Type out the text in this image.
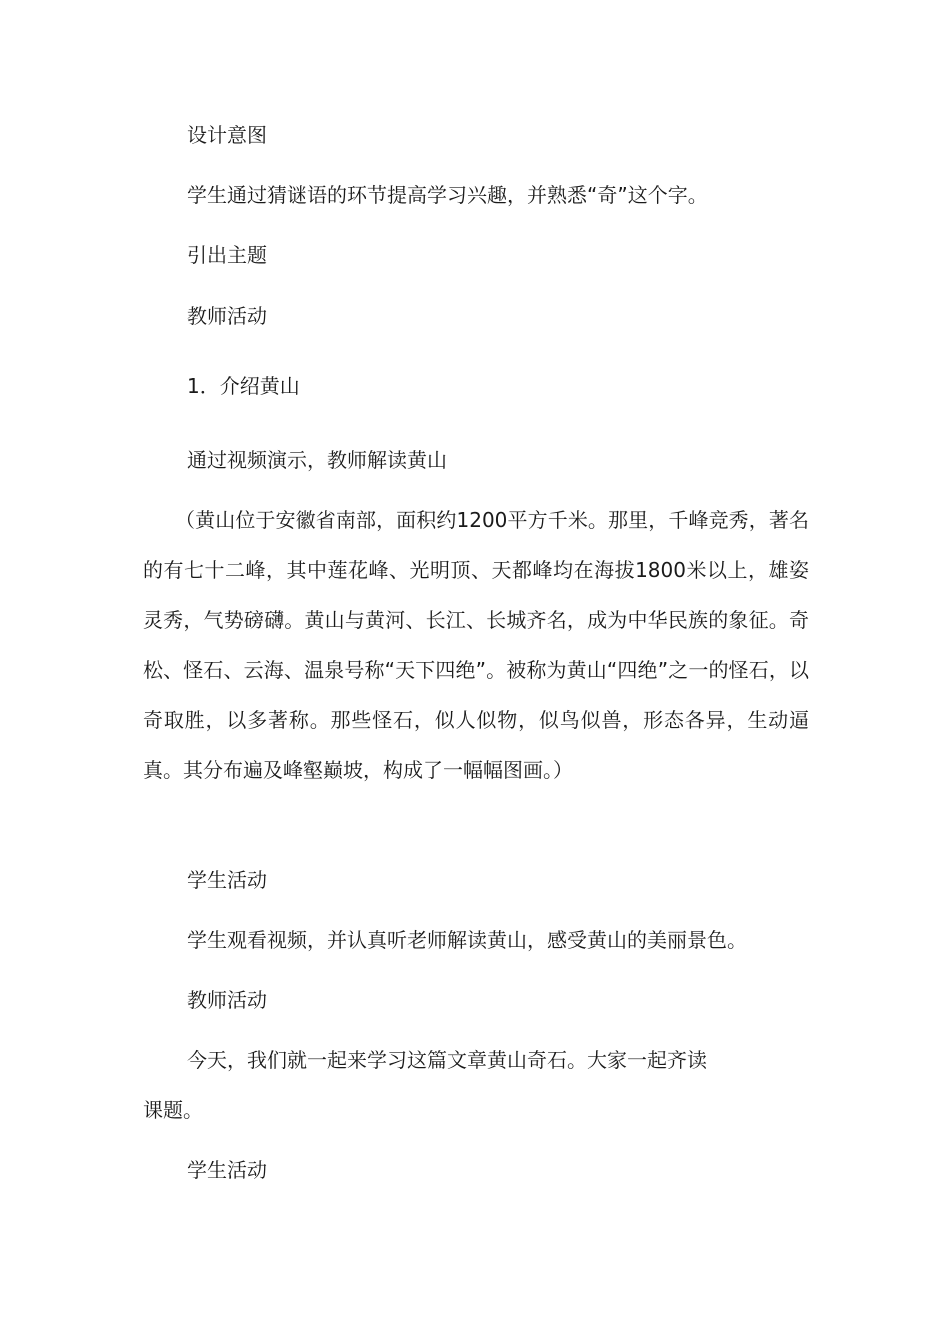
设计意图
学生通过猜谜语的环节提高学习兴趣，并熟悉“奇”这个字。
引出主题
教师活动
1．介绍黄山
通过视频演示，教师解读黄山
（黄山位于安徽省南部，面积约1200平方千米。那里，千峰竞秀，著名的有七十二峰，其中莲花峰、光明顶、天都峰均在海拔1800米以上，雄姿灵秀，气势磅礴。黄山与黄河、长江、长城齐名，成为中华民族的象征。奇松、怪石、云海、温泉号称“天下四绝”。被称为黄山“四绝”之一的怪石，以奇取胜，以多著称。那些怪石，似人似物，似鸟似兽，形态各异，生动逼真。其分布遍及峰壑巅坡，构成了一幅幅图画。）
学生活动
学生观看视频，并认真听老师解读黄山，感受黄山的美丽景色。
教师活动
今天，我们就一起来学习这篇文章黄山奇石。大家一起齐读
课题。
学生活动
